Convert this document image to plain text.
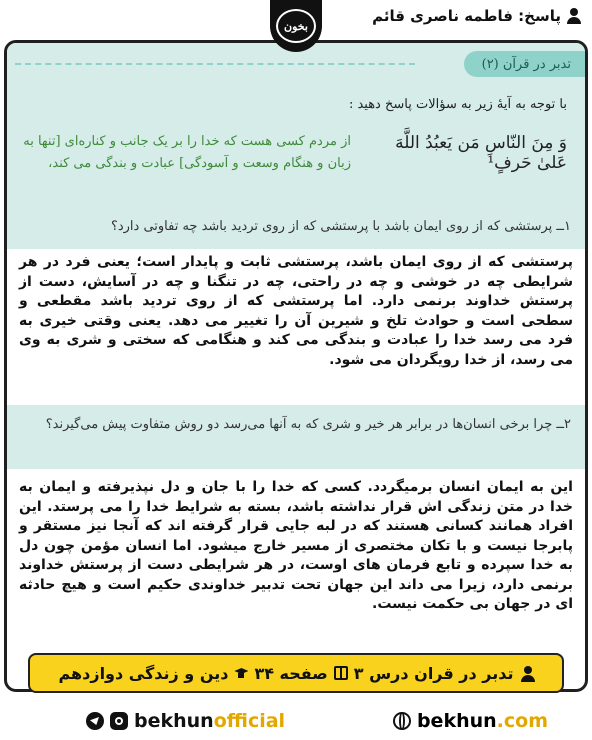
پاسخ: فاطمه ناصری قائم
بخون
تدبر در قرآن (۲)
با توجه به آیهٔ زیر به سؤالات پاسخ دهید :
وَ مِنَ النّاسِ مَن یَعبُدُ اللَّهَ عَلىٰ حَرفٍ¹
از مردم کسی هست که خدا را بر یک جانب و کناره‌ای [تنها به زبان و هنگام وسعت و آسودگی] عبادت و بندگی می کند،
۱ــ پرستشی که از روی ایمان باشد با پرستشی که از روی تردید باشد چه تفاوتی دارد؟
پرستشی که از روی ایمان باشد، پرستشی ثابت و پایدار است؛ یعنی فرد در هر شرایطی چه در خوشی و چه در راحتی، چه در تنگنا و چه در آسایش، دست از پرستش خداوند برنمی دارد. اما پرستشی که از روی تردید باشد مقطعی و سطحی است و حوادث تلخ و شیرین آن را تغییر می دهد. یعنی وقتی خیری به فرد می رسد خدا را عبادت و بندگی می کند و هنگامی که سختی و شری به وی می رسد، از خدا رویگردان می شود.
۲ــ چرا برخی انسان‌ها در برابر هر خیر و شری که به آنها می‌رسد دو روش متفاوت پیش می‌گیرند؟
این به ایمان انسان برمیگردد. کسی که خدا را با جان و دل نپذیرفته و ایمان به خدا در متن زندگی اش قرار نداشته باشد، بسته به شرایط خدا را می پرستد. این افراد همانند کسانی هستند که در لبه جایی قرار گرفته اند که آنجا نیز مستقر و پابرجا نیست و با تکان مختصری از مسیر خارج میشود. اما انسان مؤمن چون دل به خدا سپرده و تابع فرمان های اوست، در هر شرایطی دست از پرستش خداوند برنمی دارد، زیرا می داند این جهان تحت تدبیر خداوندی حکیم است و هیچ حادثه ای در جهان بی حکمت نیست.
تدبر در قران درس ۳
صفحه ۳۴
دین و زندگی دوازدهم
bekhunofficial	bekhun.com
